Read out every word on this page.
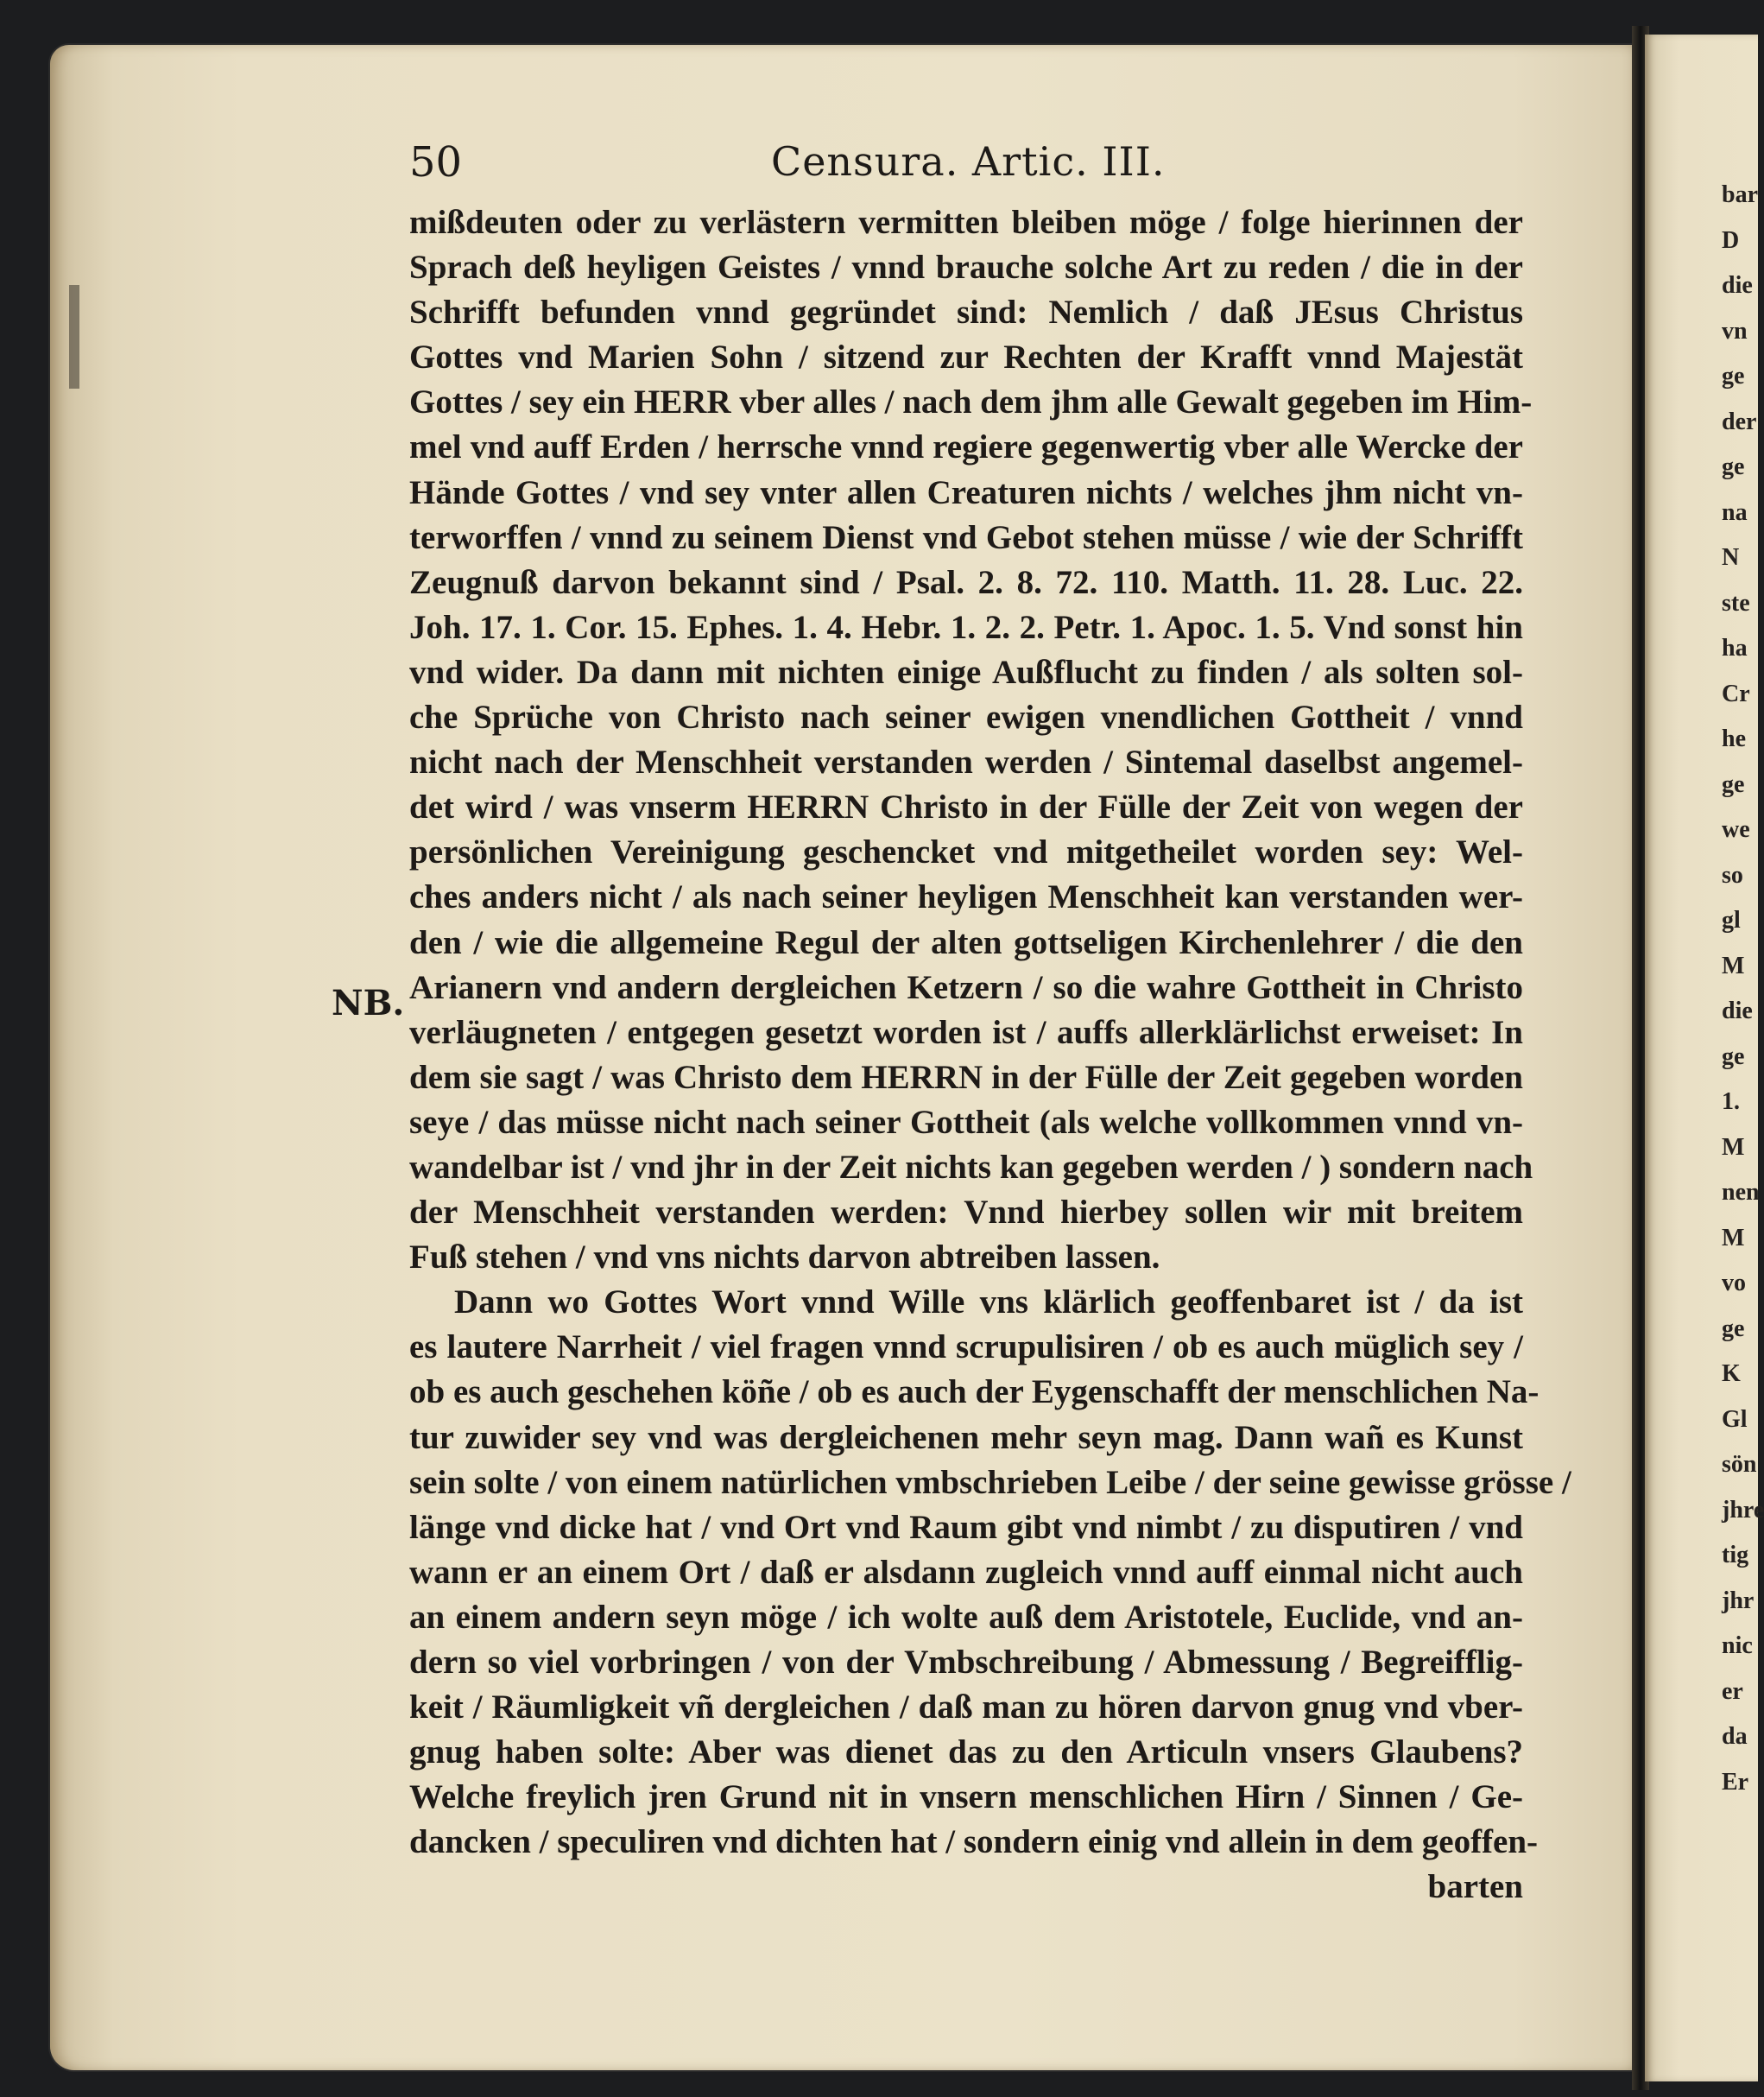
50	Censura. Artic. III.
NB.
mißdeuten oder zu verlästern vermitten bleiben möge / folge hierinnen der
Sprach deß heyligen Geistes / vnnd brauche solche Art zu reden / die in der
Schrifft befunden vnnd gegründet sind: Nemlich / daß JEsus Christus
Gottes vnd Marien Sohn / sitzend zur Rechten der Krafft vnnd Majestät
Gottes / sey ein HERR vber alles / nach dem jhm alle Gewalt gegeben im Him-
mel vnd auff Erden / herrsche vnnd regiere gegenwertig vber alle Wercke der
Hände Gottes / vnd sey vnter allen Creaturen nichts / welches jhm nicht vn-
terworffen / vnnd zu seinem Dienst vnd Gebot stehen müsse / wie der Schrifft
Zeugnuß darvon bekannt sind / Psal. 2. 8. 72. 110. Matth. 11. 28. Luc. 22.
Joh. 17. 1. Cor. 15. Ephes. 1. 4. Hebr. 1. 2. 2. Petr. 1. Apoc. 1. 5. Vnd sonst hin
vnd wider. Da dann mit nichten einige Außflucht zu finden / als solten sol-
che Sprüche von Christo nach seiner ewigen vnendlichen Gottheit / vnnd
nicht nach der Menschheit verstanden werden / Sintemal daselbst angemel-
det wird / was vnserm HERRN Christo in der Fülle der Zeit von wegen der
persönlichen Vereinigung geschencket vnd mitgetheilet worden sey: Wel-
ches anders nicht / als nach seiner heyligen Menschheit kan verstanden wer-
den / wie die allgemeine Regul der alten gottseligen Kirchenlehrer / die den
Arianern vnd andern dergleichen Ketzern / so die wahre Gottheit in Christo
verläugneten / entgegen gesetzt worden ist / auffs allerklärlichst erweiset: In
dem sie sagt / was Christo dem HERRN in der Fülle der Zeit gegeben worden
seye / das müsse nicht nach seiner Gottheit (als welche vollkommen vnnd vn-
wandelbar ist / vnd jhr in der Zeit nichts kan gegeben werden / ) sondern nach
der Menschheit verstanden werden: Vnnd hierbey sollen wir mit breitem
Fuß stehen / vnd vns nichts darvon abtreiben lassen.
Dann wo Gottes Wort vnnd Wille vns klärlich geoffenbaret ist / da ist
es lautere Narrheit / viel fragen vnnd scrupulisiren / ob es auch müglich sey /
ob es auch geschehen köñe / ob es auch der Eygenschafft der menschlichen Na-
tur zuwider sey vnd was dergleichenen mehr seyn mag. Dann wañ es Kunst
sein solte / von einem natürlichen vmbschrieben Leibe / der seine gewisse grösse /
länge vnd dicke hat / vnd Ort vnd Raum gibt vnd nimbt / zu disputiren / vnd
wann er an einem Ort / daß er alsdann zugleich vnnd auff einmal nicht auch
an einem andern seyn möge / ich wolte auß dem Aristotele, Euclide, vnd an-
dern so viel vorbringen / von der Vmbschreibung / Abmessung / Begreifflig-
keit / Räumligkeit vñ dergleichen / daß man zu hören darvon gnug vnd vber-
gnug haben solte: Aber was dienet das zu den Articuln vnsers Glaubens?
Welche freylich jren Grund nit in vnsern menschlichen Hirn / Sinnen / Ge-
dancken / speculiren vnd dichten hat / sondern einig vnd allein in dem geoffen-
barten
bar
D
die
vn
ge
der
ge
na
N
ste
ha
Cr
he
ge
we
so
gl
M
die
ge
1.
M
nen
M
vo
ge
K
Gl
sön
jhre
tig
jhr
nic
er
da
Er
